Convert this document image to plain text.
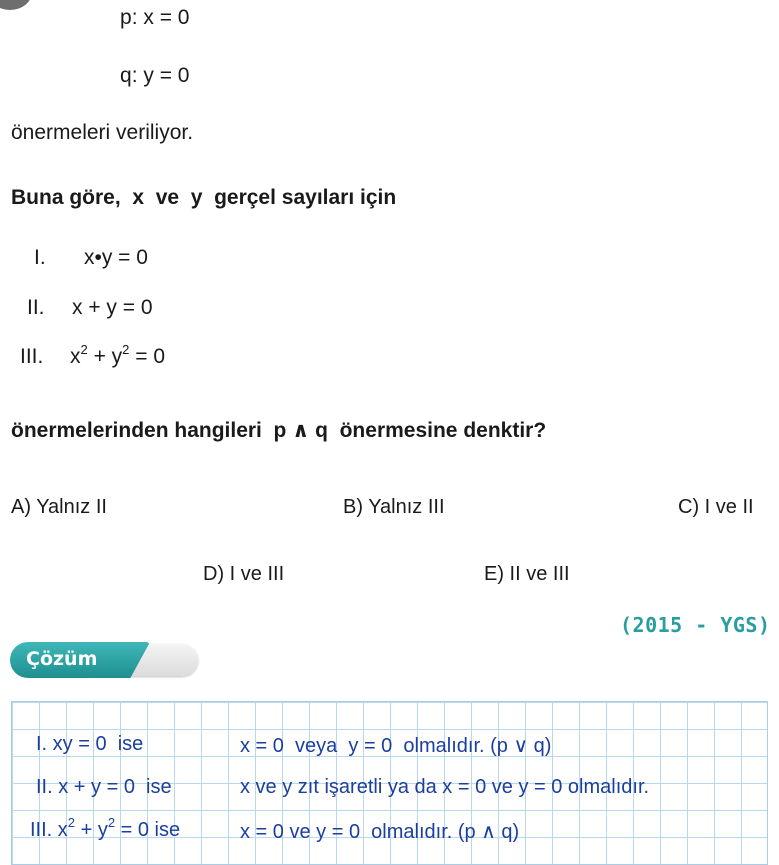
p: x = 0
q: y = 0
önermeleri veriliyor.
Buna göre,  x  ve  y  gerçel sayıları için
I. x•y = 0
II. x + y = 0
III. $x^2 + y^2 = 0$
önermelerinden hangileri  p ∧ q  önermesine denktir?
A) Yalnız II	B) Yalnız III	C) I ve II
D) I ve III	E) II ve III
(2015 - YGS)
Çözüm
I. xy = 0  ise	x = 0  veya  y = 0  olmalıdır. (p ∨ q)
II. x + y = 0  ise	x ve y zıt işaretli ya da x = 0 ve y = 0 olmalıdır.
III. $x^2 + y^2 = 0$ ise	x = 0 ve y = 0  olmalıdır. (p ∧ q)
